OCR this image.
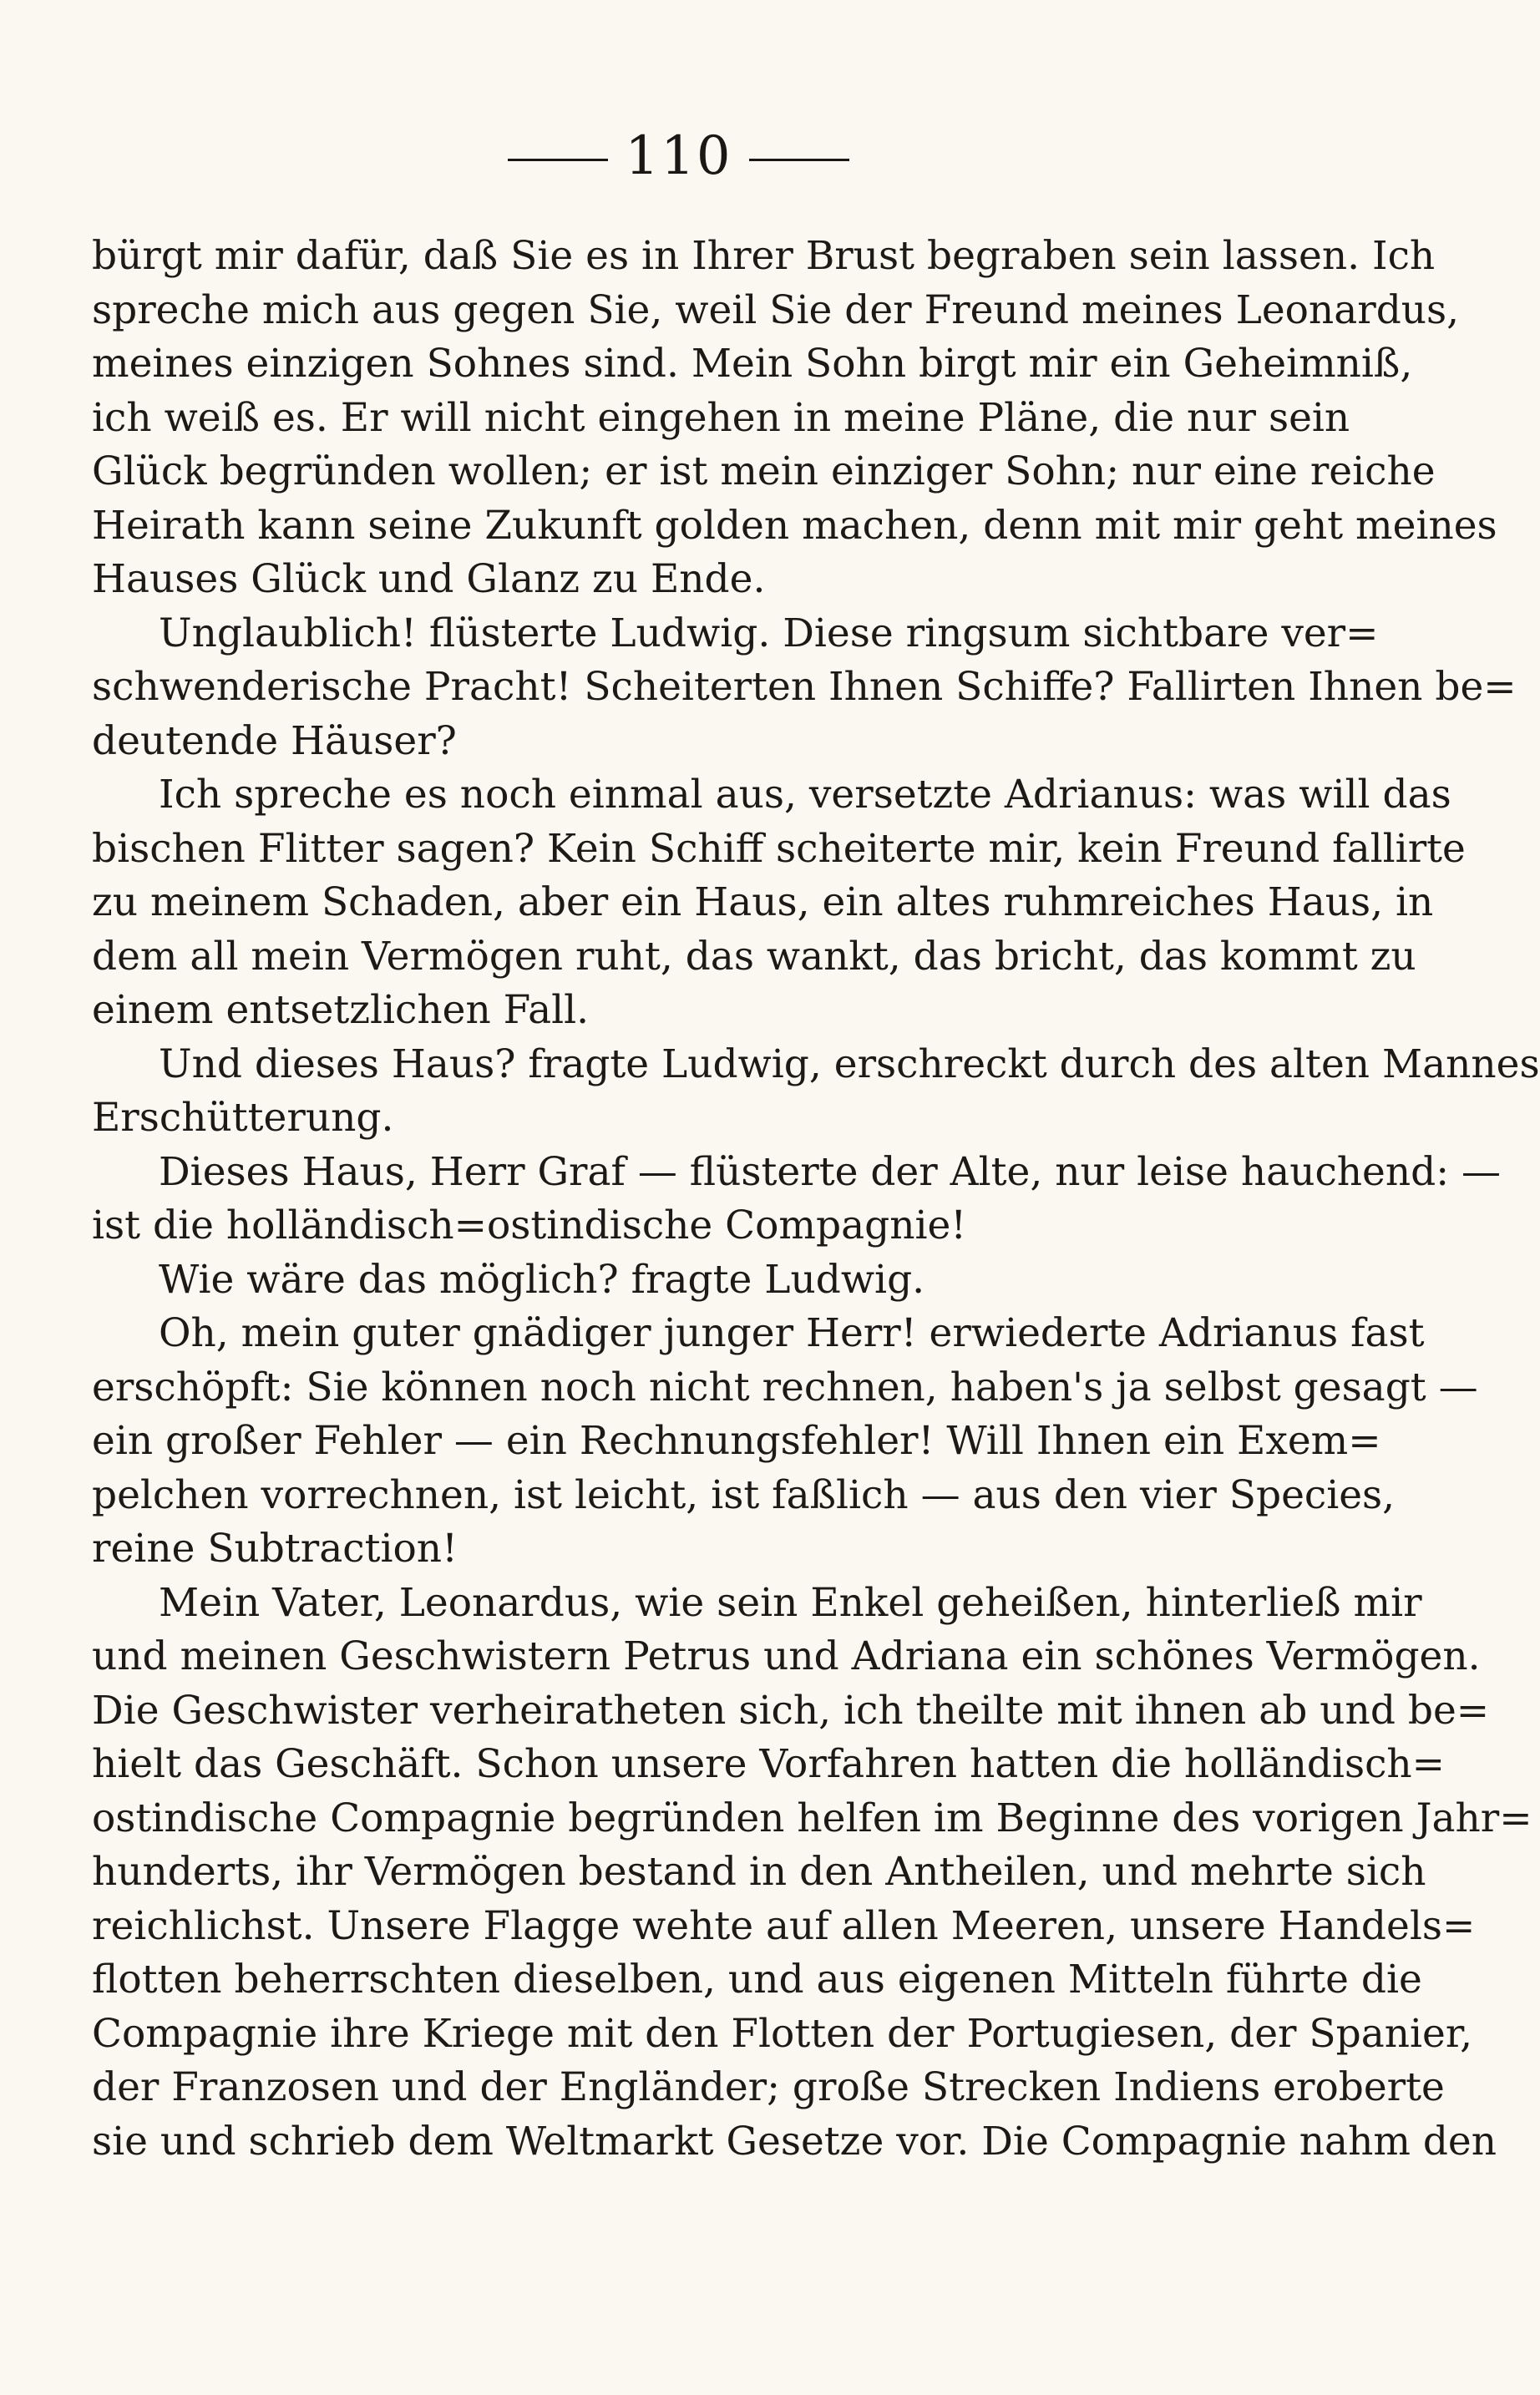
110
bürgt mir dafür, daß Sie es in Ihrer Brust begraben sein lassen. Ich
spreche mich aus gegen Sie, weil Sie der Freund meines Leonardus,
meines einzigen Sohnes sind. Mein Sohn birgt mir ein Geheimniß,
ich weiß es. Er will nicht eingehen in meine Pläne, die nur sein
Glück begründen wollen; er ist mein einziger Sohn; nur eine reiche
Heirath kann seine Zukunft golden machen, denn mit mir geht meines
Hauses Glück und Glanz zu Ende.
Unglaublich! flüsterte Ludwig. Diese ringsum sichtbare ver=
schwenderische Pracht! Scheiterten Ihnen Schiffe? Fallirten Ihnen be=
deutende Häuser?
Ich spreche es noch einmal aus, versetzte Adrianus: was will das
bischen Flitter sagen? Kein Schiff scheiterte mir, kein Freund fallirte
zu meinem Schaden, aber ein Haus, ein altes ruhmreiches Haus, in
dem all mein Vermögen ruht, das wankt, das bricht, das kommt zu
einem entsetzlichen Fall.
Und dieses Haus? fragte Ludwig, erschreckt durch des alten Mannes
Erschütterung.
Dieses Haus, Herr Graf — flüsterte der Alte, nur leise hauchend: —
ist die holländisch=ostindische Compagnie!
Wie wäre das möglich? fragte Ludwig.
Oh, mein guter gnädiger junger Herr! erwiederte Adrianus fast
erschöpft: Sie können noch nicht rechnen, haben's ja selbst gesagt —
ein großer Fehler — ein Rechnungsfehler! Will Ihnen ein Exem=
pelchen vorrechnen, ist leicht, ist faßlich — aus den vier Species,
reine Subtraction!
Mein Vater, Leonardus, wie sein Enkel geheißen, hinterließ mir
und meinen Geschwistern Petrus und Adriana ein schönes Vermögen.
Die Geschwister verheiratheten sich, ich theilte mit ihnen ab und be=
hielt das Geschäft. Schon unsere Vorfahren hatten die holländisch=
ostindische Compagnie begründen helfen im Beginne des vorigen Jahr=
hunderts, ihr Vermögen bestand in den Antheilen, und mehrte sich
reichlichst. Unsere Flagge wehte auf allen Meeren, unsere Handels=
flotten beherrschten dieselben, und aus eigenen Mitteln führte die
Compagnie ihre Kriege mit den Flotten der Portugiesen, der Spanier,
der Franzosen und der Engländer; große Strecken Indiens eroberte
sie und schrieb dem Weltmarkt Gesetze vor. Die Compagnie nahm den
